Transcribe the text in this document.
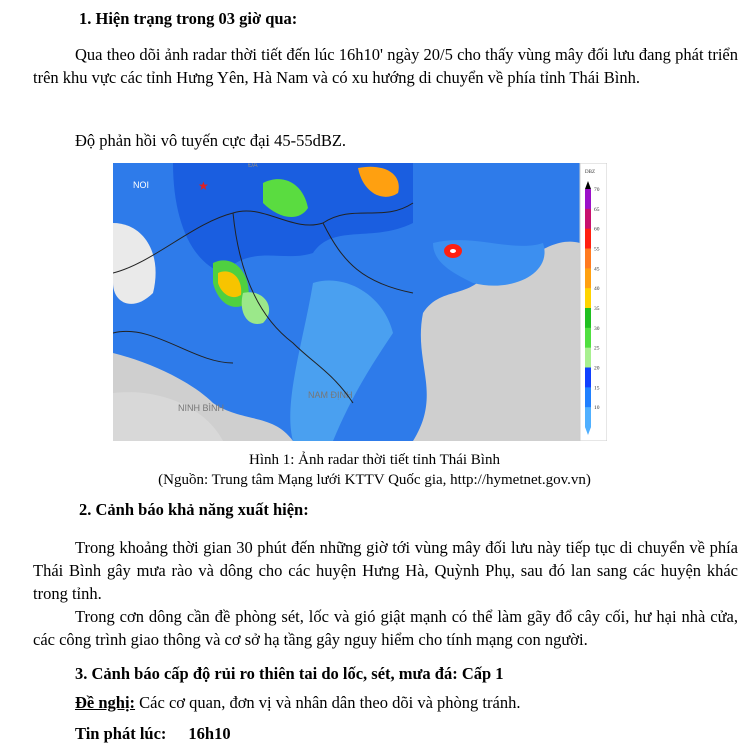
1. Hiện trạng trong 03 giờ qua:
Qua theo dõi ảnh radar thời tiết đến lúc 16h10' ngày 20/5 cho thấy vùng mây đối lưu đang phát triển trên khu vực các tỉnh Hưng Yên, Hà Nam và có xu hướng di chuyển về phía tỉnh Thái Bình.
Độ phản hồi vô tuyến cực đại 45-55dBZ.
NOI	★
ĐA
NINH BÌNH
NAM ĐỊNH
DBZ
70
65
60
55
45
40
35
30
25
20
15
10
Hình 1: Ảnh radar thời tiết tỉnh Thái Bình
(Nguồn: Trung tâm Mạng lưới KTTV Quốc gia, http://hymetnet.gov.vn)
2. Cảnh báo khả năng xuất hiện:
Trong khoảng thời gian 30 phút đến những giờ tới vùng mây đối lưu này tiếp tục di chuyển về phía Thái Bình gây mưa rào và dông cho các huyện Hưng Hà, Quỳnh Phụ, sau đó lan sang các huyện khác trong tỉnh.
Trong cơn dông cần đề phòng sét, lốc và gió giật mạnh có thể làm gãy đổ cây cối, hư hại nhà cửa, các công trình giao thông và cơ sở hạ tầng gây nguy hiểm cho tính mạng con người.
3. Cảnh báo cấp độ rủi ro thiên tai do lốc, sét, mưa đá: Cấp 1
Đề nghị: Các cơ quan, đơn vị và nhân dân theo dõi và phòng tránh.
Tin phát lúc: 16h10
